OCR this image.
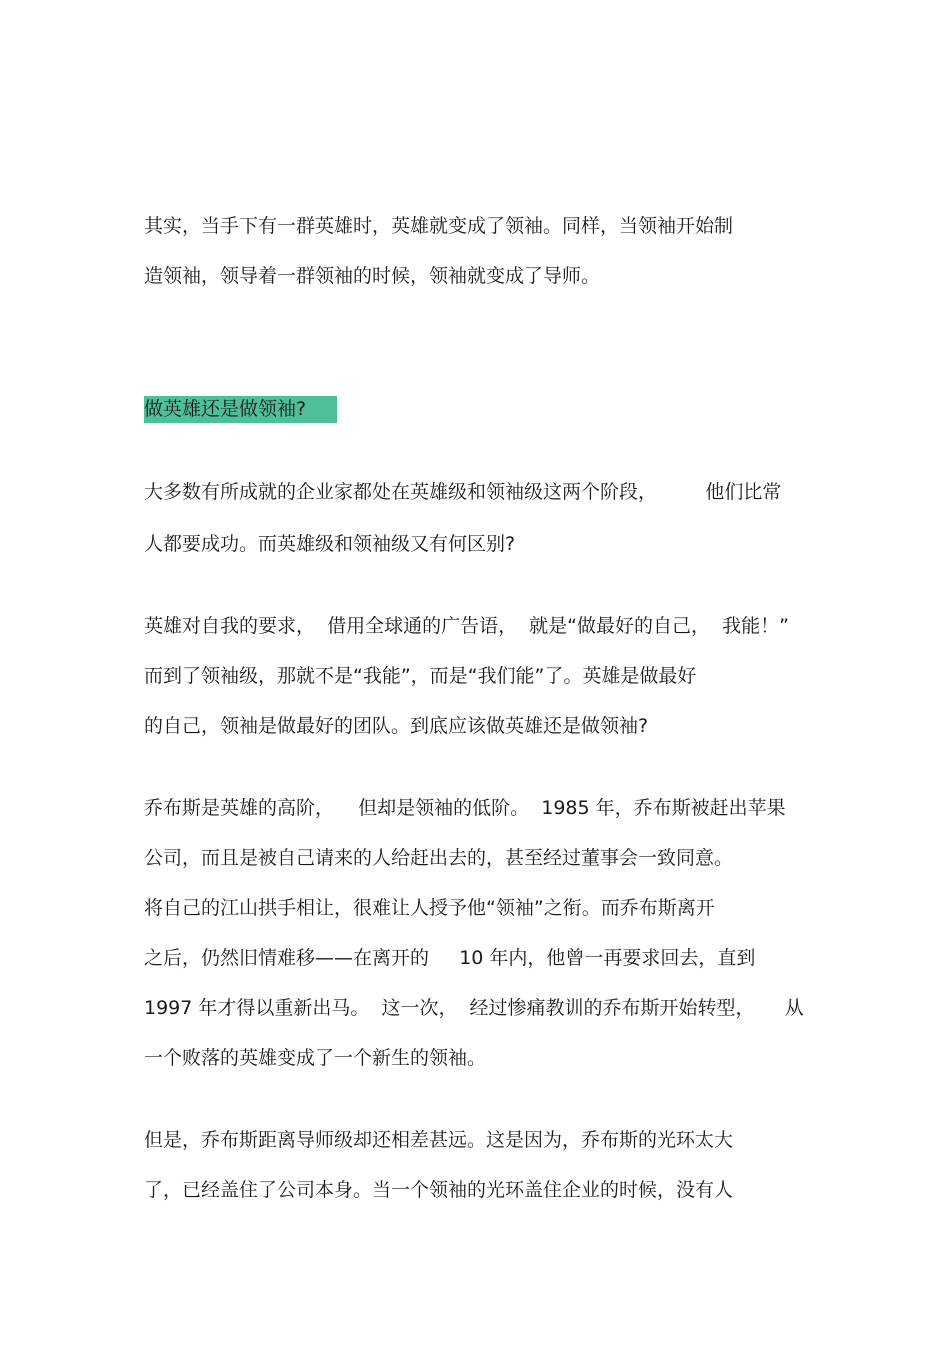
其实，当手下有一群英雄时，英雄就变成了领袖。同样，当领袖开始制
造领袖，领导着一群领袖的时候，领袖就变成了导师。
做英雄还是做领袖?
大多数有所成就的企业家都处在英雄级和领袖级这两个阶段，        他们比常
人都要成功。而英雄级和领袖级又有何区别?
英雄对自我的要求，  借用全球通的广告语，  就是“做最好的自己，  我能！”
而到了领袖级，那就不是“我能”，而是“我们能”了。英雄是做最好
的自己，领袖是做最好的团队。到底应该做英雄还是做领袖?
乔布斯是英雄的高阶，    但却是领袖的低阶。  1985 年，乔布斯被赶出苹果
公司，而且是被自己请来的人给赶出去的，甚至经过董事会一致同意。
将自己的江山拱手相让，很难让人授予他“领袖”之衔。而乔布斯离开
之后，仍然旧情难移——在离开的     10 年内，他曾一再要求回去，直到
1997 年才得以重新出马。  这一次，  经过惨痛教训的乔布斯开始转型，     从
一个败落的英雄变成了一个新生的领袖。
但是，乔布斯距离导师级却还相差甚远。这是因为，乔布斯的光环太大
了，已经盖住了公司本身。当一个领袖的光环盖住企业的时候，没有人
